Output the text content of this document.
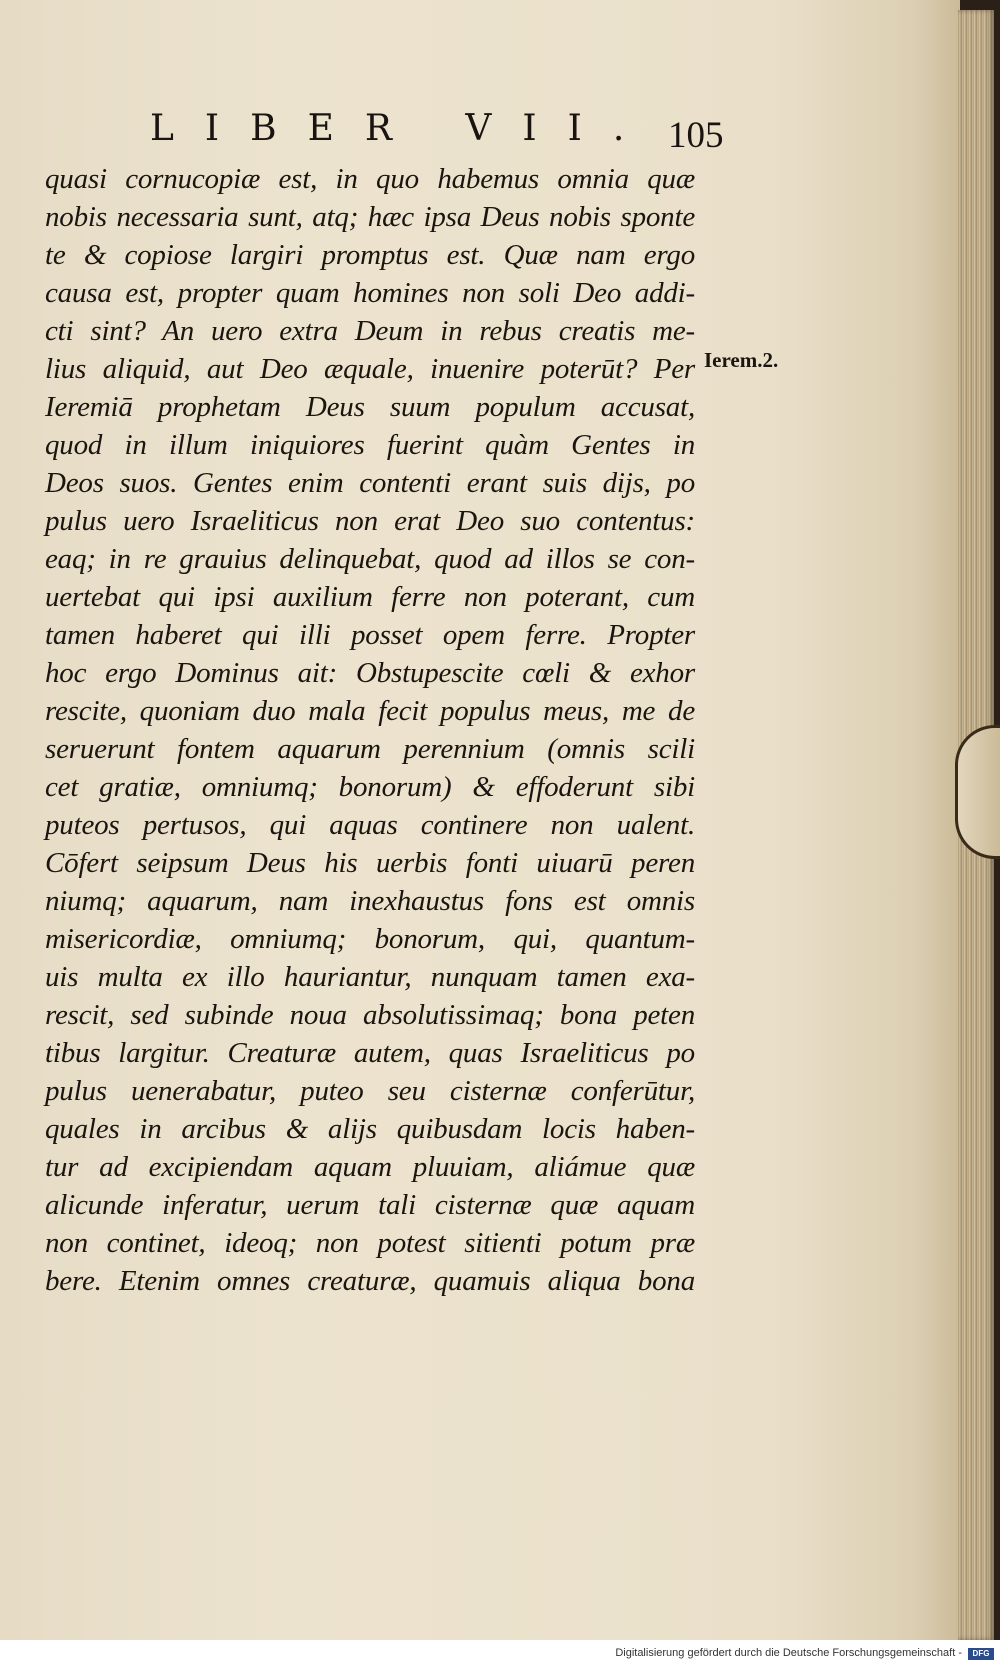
LIBER VII. 105
quasi cornucopiæ est, in quo habemus omnia quæ
nobis necessaria sunt, atq; hæc ipsa Deus nobis sponte
te & copiose largiri promptus est. Quæ nam ergo
causa est, propter quam homines non soli Deo addi-
cti sint? An uero extra Deum in rebus creatis me-
lius aliquid, aut Deo æquale, inuenire poterūt? Per
Ieremiā prophetam Deus suum populum accusat,
quod in illum iniquiores fuerint quàm Gentes in
Deos suos. Gentes enim contenti erant suis dijs, po
pulus uero Israeliticus non erat Deo suo contentus:
eaq; in re grauius delinquebat, quod ad illos se con-
uertebat qui ipsi auxilium ferre non poterant, cum
tamen haberet qui illi posset opem ferre. Propter
hoc ergo Dominus ait: Obstupescite cœli & exhor
rescite, quoniam duo mala fecit populus meus, me de
seruerunt fontem aquarum perennium (omnis scili
cet gratiæ, omniumq; bonorum) & effoderunt sibi
puteos pertusos, qui aquas continere non ualent.
Cōfert seipsum Deus his uerbis fonti uiuarū peren
niumq; aquarum, nam inexhaustus fons est omnis
misericordiæ, omniumq; bonorum, qui, quantum-
uis multa ex illo hauriantur, nunquam tamen exa-
rescit, sed subinde noua absolutissimaq; bona peten
tibus largitur. Creaturæ autem, quas Israeliticus po
pulus uenerabatur, puteo seu cisternæ conferūtur,
quales in arcibus & alijs quibusdam locis haben-
tur ad excipiendam aquam pluuiam, aliámue quæ
alicunde inferatur, uerum tali cisternæ quæ aquam
non continet, ideoq; non potest sitienti potum præ
bere. Etenim omnes creaturæ, quamuis aliqua bona
Ierem.2.
Digitalisierung gefördert durch die Deutsche Forschungsgemeinschaft -	DFG
